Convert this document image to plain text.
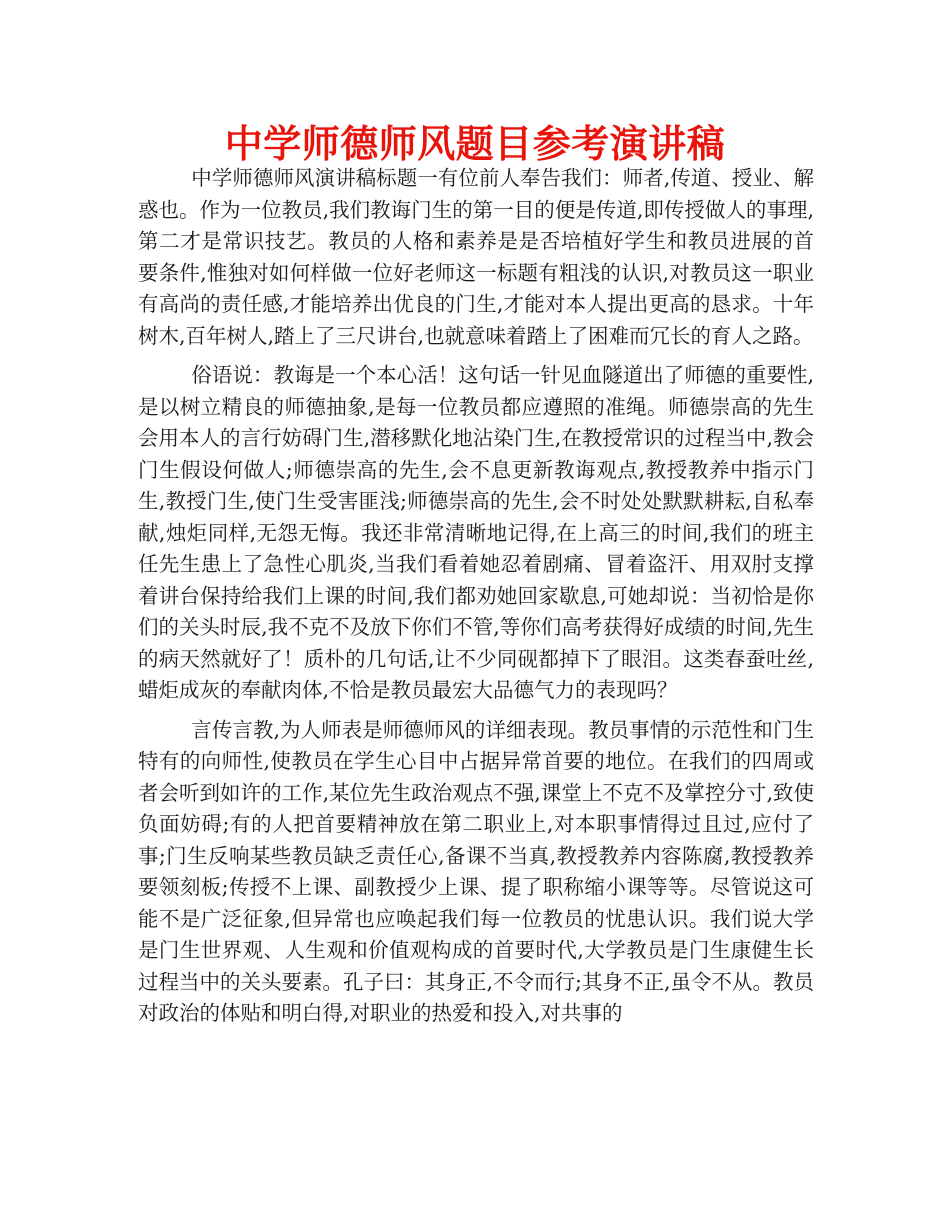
中学师德师风题目参考演讲稿

中学师德师风演讲稿标题一有位前人奉告我们：师者,传道、授业、解惑也。作为一位教员,我们教诲门生的第一目的便是传道,即传授做人的事理,第二才是常识技艺。教员的人格和素养是是否培植好学生和教员进展的首要条件,惟独对如何样做一位好老师这一标题有粗浅的认识,对教员这一职业有高尚的责任感,才能培养出优良的门生,才能对本人提出更高的恳求。十年树木,百年树人,踏上了三尺讲台,也就意味着踏上了困难而冗长的育人之路。

俗语说：教诲是一个本心活！这句话一针见血隧道出了师德的重要性,是以树立精良的师德抽象,是每一位教员都应遵照的准绳。师德崇高的先生会用本人的言行妨碍门生,潜移默化地沾染门生,在教授常识的过程当中,教会门生假设何做人;师德崇高的先生,会不息更新教诲观点,教授教养中指示门生,教授门生,使门生受害匪浅;师德崇高的先生,会不时处处默默耕耘,自私奉献,烛炬同样,无怨无悔。我还非常清晰地记得,在上高三的时间,我们的班主任先生患上了急性心肌炎,当我们看着她忍着剧痛、冒着盗汗、用双肘支撑着讲台保持给我们上课的时间,我们都劝她回家歇息,可她却说：当初恰是你们的关头时辰,我不克不及放下你们不管,等你们高考获得好成绩的时间,先生的病天然就好了！质朴的几句话,让不少同砚都掉下了眼泪。这类春蚕吐丝,蜡炬成灰的奉献肉体,不恰是教员最宏大品德气力的表现吗？

言传言教,为人师表是师德师风的详细表现。教员事情的示范性和门生特有的向师性,使教员在学生心目中占据异常首要的地位。在我们的四周或者会听到如许的工作,某位先生政治观点不强,课堂上不克不及掌控分寸,致使负面妨碍;有的人把首要精神放在第二职业上,对本职事情得过且过,应付了事;门生反响某些教员缺乏责任心,备课不当真,教授教养内容陈腐,教授教养要领刻板;传授不上课、副教授少上课、提了职称缩小课等等。尽管说这可能不是广泛征象,但异常也应唤起我们每一位教员的忧患认识。我们说大学是门生世界观、人生观和价值观构成的首要时代,大学教员是门生康健生长过程当中的关头要素。孔子曰：其身正,不令而行;其身不正,虽令不从。教员对政治的体贴和明白得,对职业的热爱和投入,对共事的
